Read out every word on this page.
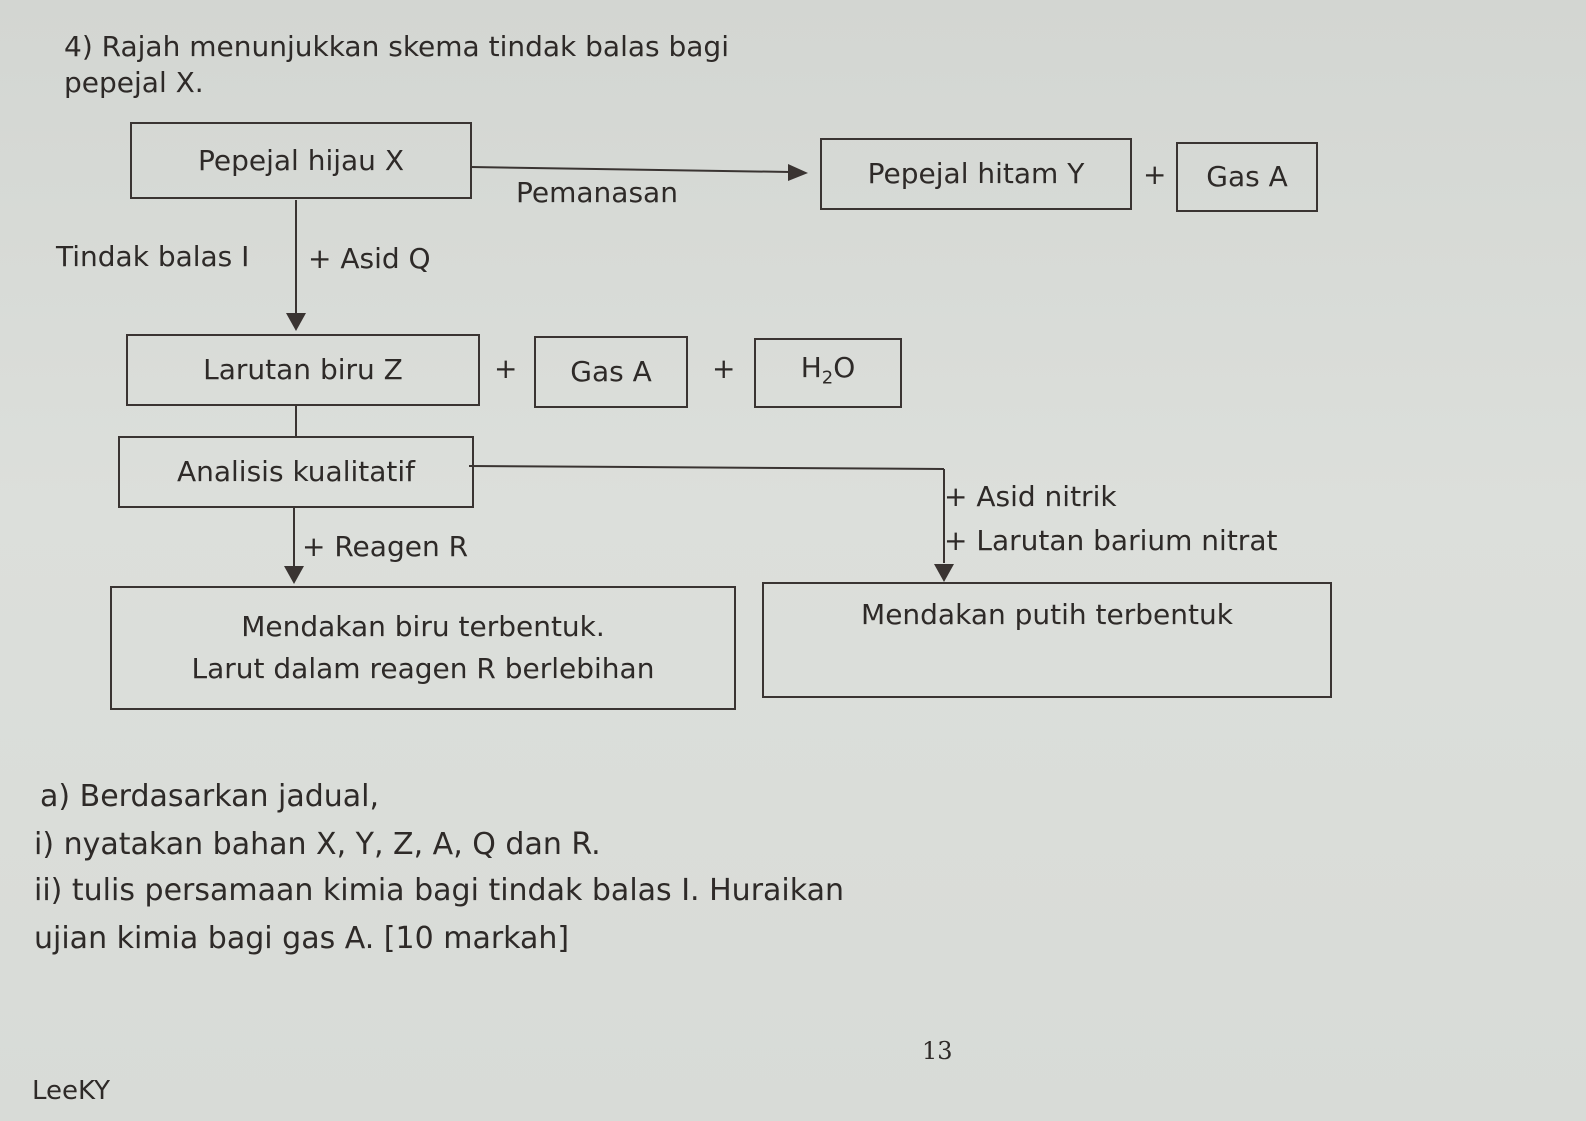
4) Rajah menunjukkan skema tindak balas bagi
pepejal X.
Pepejal hijau X
Pemanasan
Pepejal hitam Y + Gas A
Tindak balas I + Asid Q
Larutan biru Z	+ Gas $A + H_2O$
Analisis kualitatif
+ Reagen R
+ Asid nitrik
+ Larutan barium nitrat
Mendakan biru terbentuk.
Larut dalam reagen R berlebihan
Mendakan putih terbentuk
a) Berdasarkan jadual,
i) nyatakan bahan X, Y, Z, A, Q dan R.
ii) tulis persamaan kimia bagi tindak balas I. Huraikan
ujian kimia bagi gas A. [10 markah]
13
LeeKY
